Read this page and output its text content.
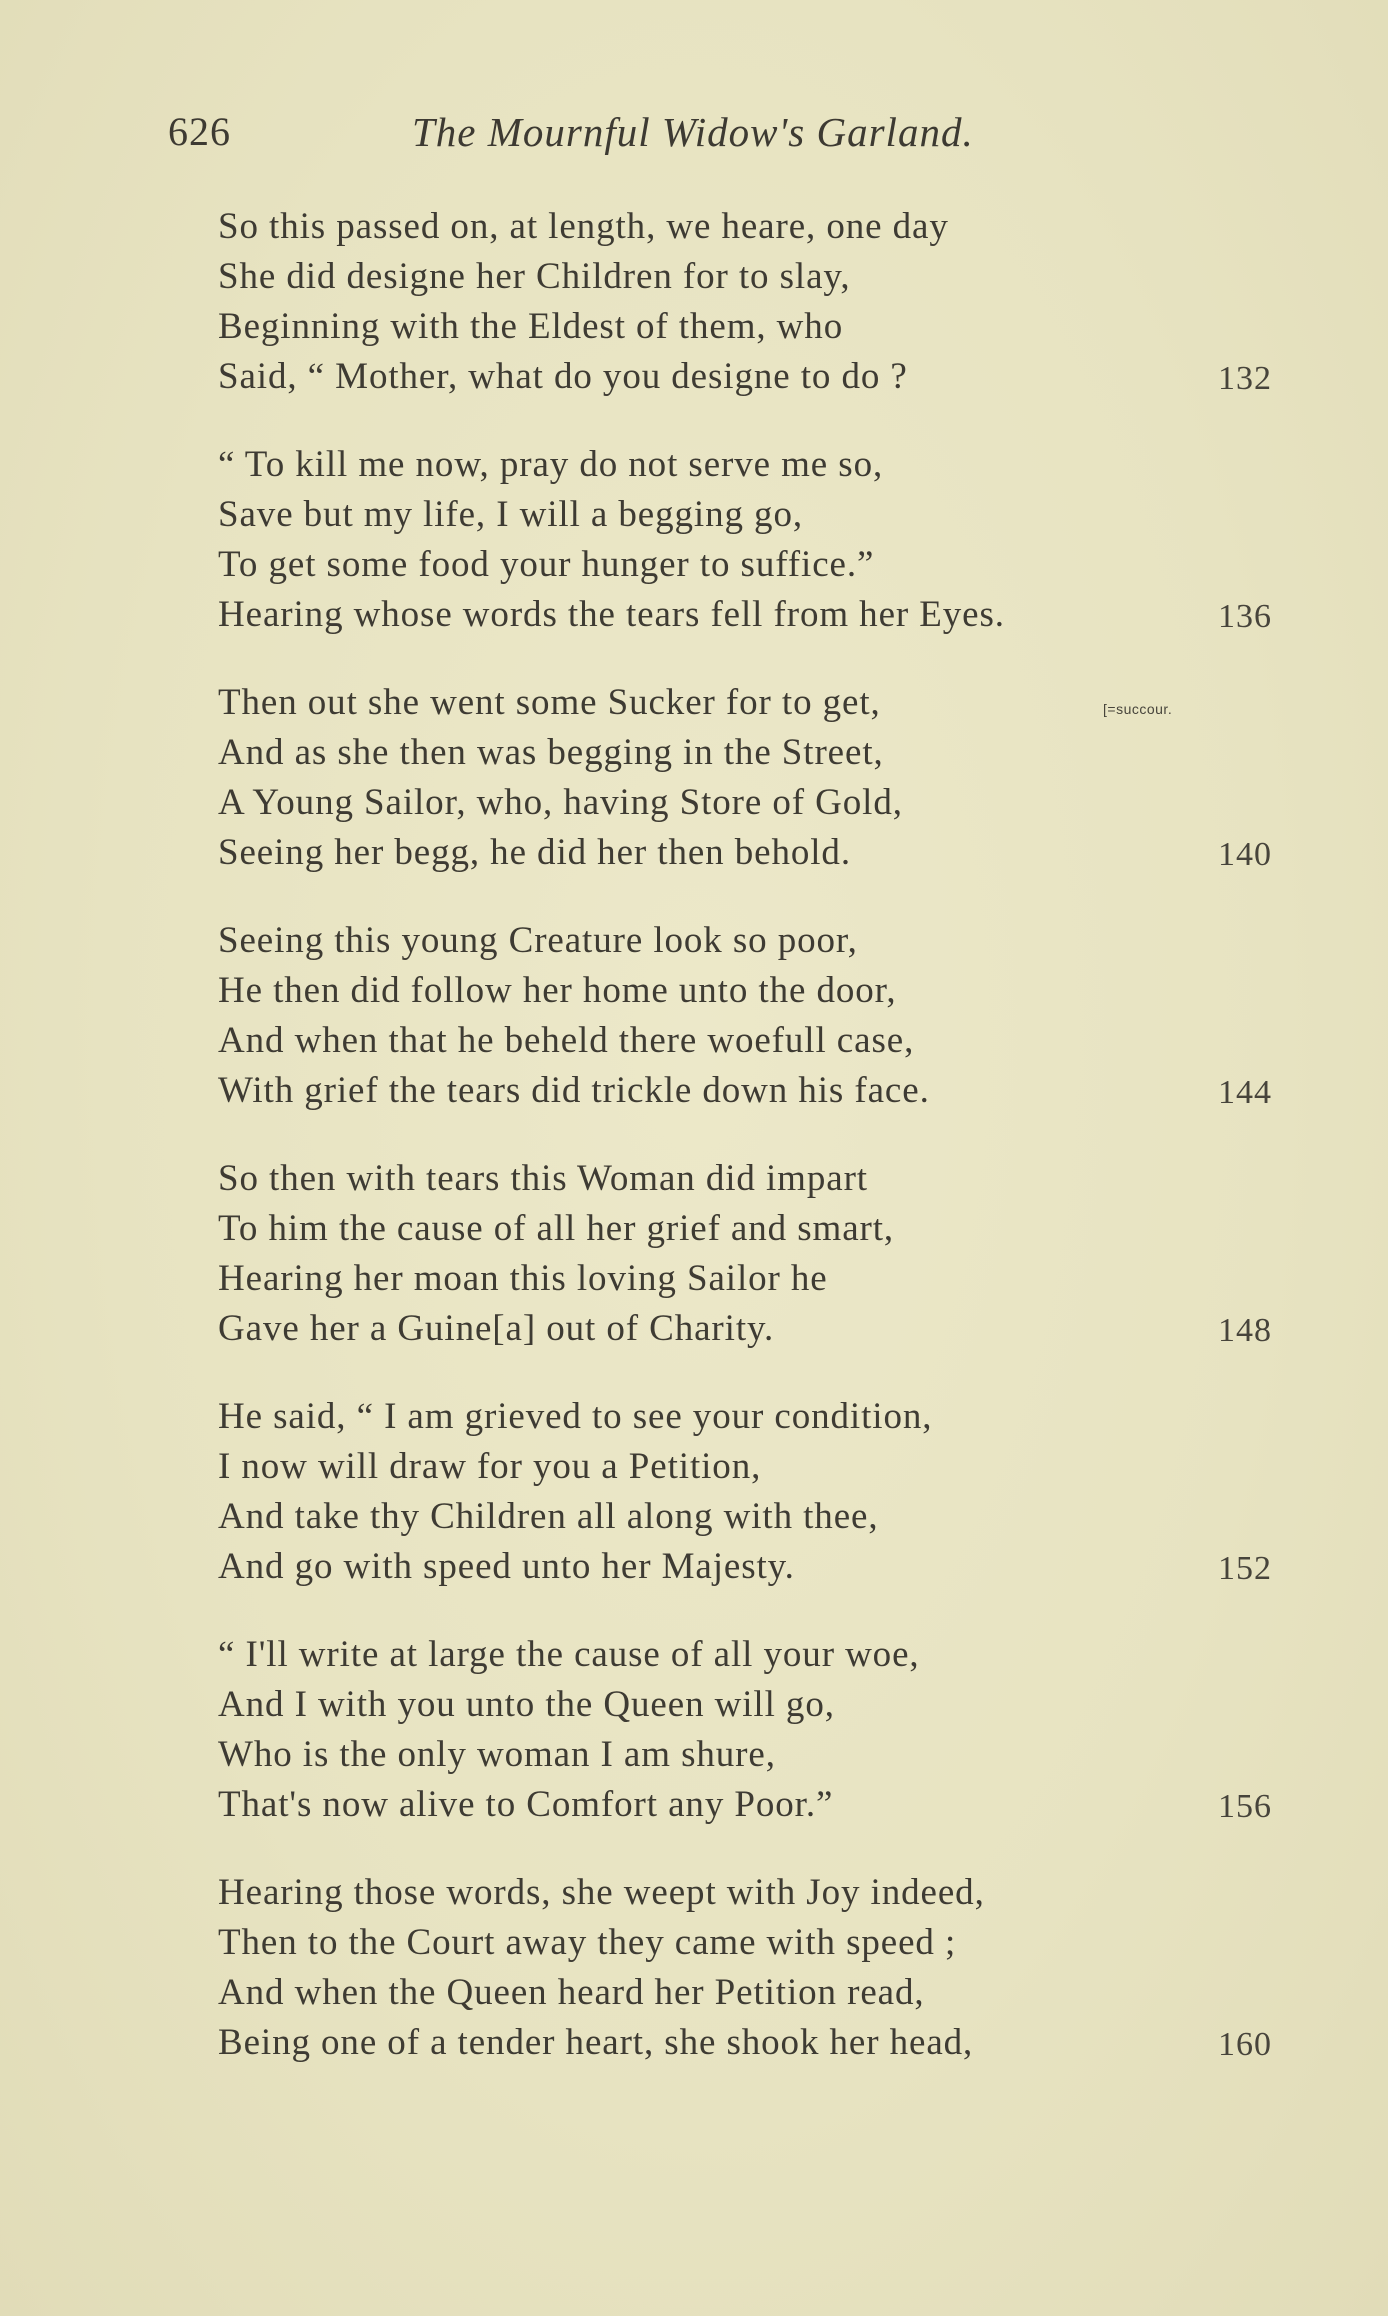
626	The Mournful Widow's Garland.
So this passed on, at length, we heare, one day
She did designe her Children for to slay,
Beginning with the Eldest of them, who
Said, “ Mother, what do you designe to do ?	132
“ To kill me now, pray do not serve me so,
Save but my life, I will a begging go,
To get some food your hunger to suffice.”
Hearing whose words the tears fell from her Eyes.	136
Then out she went some Sucker for to get,	[=succour.
And as she then was begging in the Street,
A Young Sailor, who, having Store of Gold,
Seeing her begg, he did her then behold.	140
Seeing this young Creature look so poor,
He then did follow her home unto the door,
And when that he beheld there woefull case,
With grief the tears did trickle down his face.	144
So then with tears this Woman did impart
To him the cause of all her grief and smart,
Hearing her moan this loving Sailor he
Gave her a Guine[a] out of Charity.	148
He said, “ I am grieved to see your condition,
I now will draw for you a Petition,
And take thy Children all along with thee,
And go with speed unto her Majesty.	152
“ I'll write at large the cause of all your woe,
And I with you unto the Queen will go,
Who is the only woman I am shure,
That's now alive to Comfort any Poor.”	156
Hearing those words, she weept with Joy indeed,
Then to the Court away they came with speed ;
And when the Queen heard her Petition read,
Being one of a tender heart, she shook her head,	160
